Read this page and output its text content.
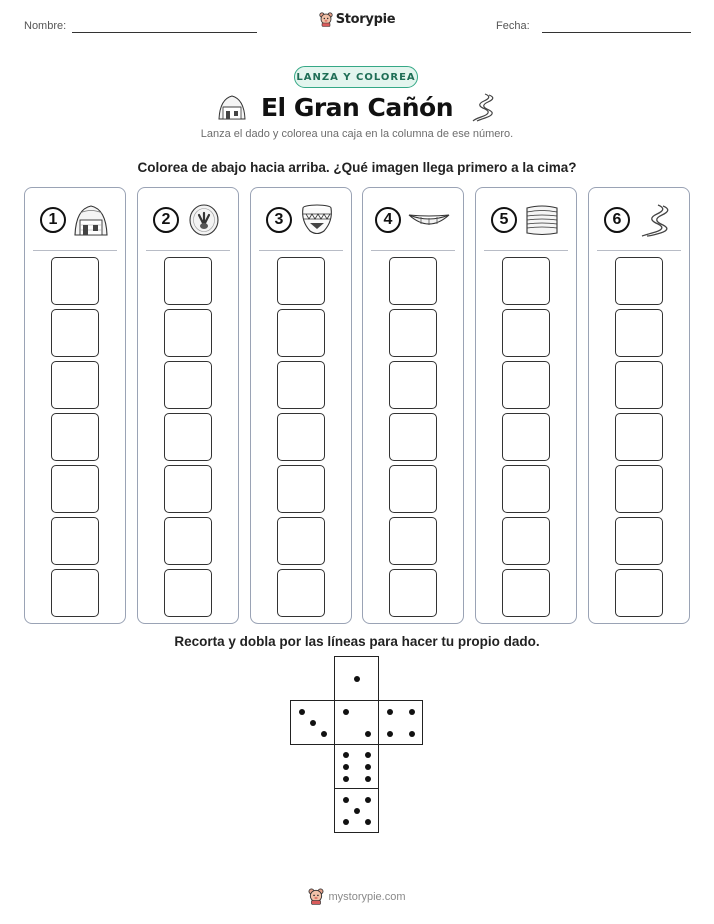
Nombre:	Storypie	Fecha:
LANZA Y COLOREA
El Gran Cañón
Lanza el dado y colorea una caja en la columna de ese número.
Colorea de abajo hacia arriba. ¿Qué imagen llega primero a la cima?
1	2	3	4	5	6
Recorta y dobla por las líneas para hacer tu propio dado.
mystorypie.com
